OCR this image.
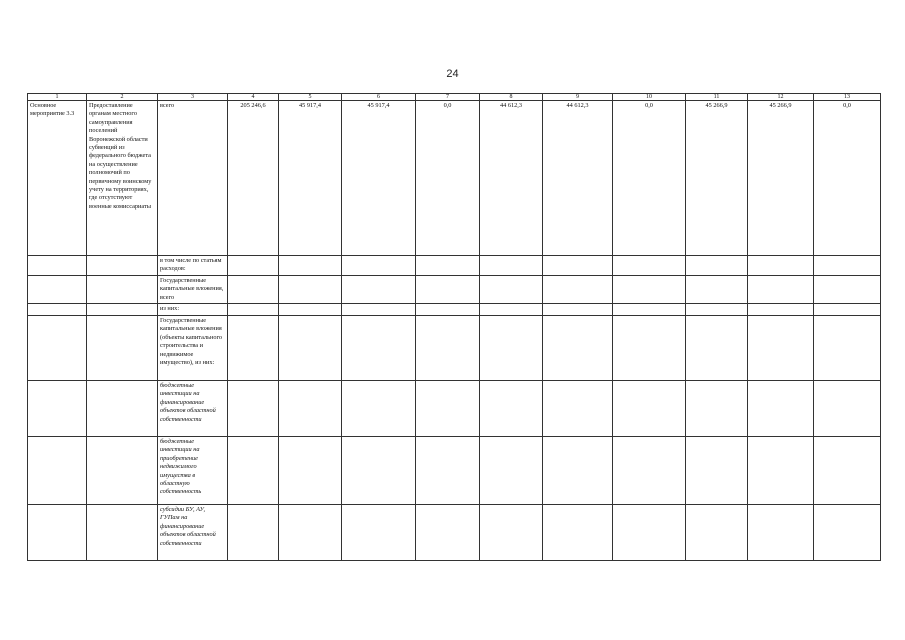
24
1	2	3	4	5	6	7	8	9	10	11	12	13
Основное мероприятие 3.3	Предоставление органам местного самоуправления поселений Воронежской области субвенций из федерального бюджета на осуществление полномочий по первичному воинскому учету на территориях, где отсутствуют военные комиссариаты	всего	205 246,6	45 917,4	45 917,4	0,0	44 612,3	44 612,3	0,0	45 266,9	45 266,9	0,0
		в том числе по статьям расходов:										
		Государственные капитальные вложения, всего										
		из них:										
		Государственные капитальные вложения (объекты капитального строительства и недвижимое имущество), из них:										
		бюджетные инвестиции на финансирование объектов областной собственности										
		бюджетные инвестиции на приобретение недвижимого имущества в областную собственность										
		субсидии БУ, АУ, ГУПам на финансирование объектов областной собственности										
